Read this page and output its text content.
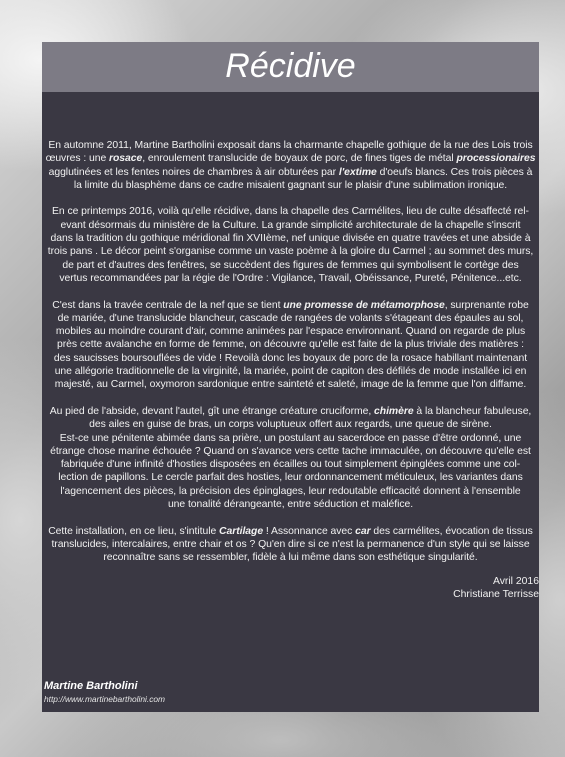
Récidive

En automne 2011, Martine Bartholini exposait dans la charmante chapelle gothique de la rue des Lois trois
œuvres : une rosace, enroulement translucide de boyaux de porc, de fines tiges de métal processionaires
agglutinées et les fentes noires de chambres à air obturées par l'extime d'oeufs blancs. Ces trois pièces à
la limite du blasphème dans ce cadre misaient gagnant sur le plaisir d'une sublimation ironique.

En ce printemps 2016, voilà qu'elle récidive, dans la chapelle des Carmélites, lieu de culte désaffecté rel-
evant désormais du ministère de la Culture. La grande simplicité architecturale de la chapelle s'inscrit
dans la tradition du gothique méridional fin XVIIème, nef unique divisée en quatre travées et une abside à
trois pans . Le décor peint s'organise comme un vaste poème à la gloire du Carmel ; au sommet des murs,
de part et d'autres des fenêtres, se succèdent des figures de femmes qui symbolisent le cortège des
vertus recommandées par la régie de l'Ordre : Vigilance, Travail, Obéissance, Pureté, Pénitence...etc.

C'est dans la travée centrale de la nef que se tient une promesse de métamorphose, surprenante robe
de mariée, d'une translucide blancheur, cascade de rangées de volants s'étageant des épaules au sol,
mobiles au moindre courant d'air, comme animées par l'espace environnant. Quand on regarde de plus
près cette avalanche en forme de femme, on découvre qu'elle est faite de la plus triviale des matières :
des saucisses boursouflées de vide ! Revoilà donc les boyaux de porc de la rosace habillant maintenant
une allégorie traditionnelle de la virginité, la mariée, point de capiton des défilés de mode installée ici en
majesté, au Carmel, oxymoron sardonique entre sainteté et saleté, image de la femme que l'on diffame.

Au pied de l'abside, devant l'autel, gît une étrange créature cruciforme, chimère à la blancheur fabuleuse,
des ailes en guise de bras, un corps voluptueux offert aux regards, une queue de sirène.
Est-ce une pénitente abimée dans sa prière, un postulant au sacerdoce en passe d'être ordonné, une
étrange chose marine échouée ? Quand on s'avance vers cette tache immaculée, on découvre qu'elle est
fabriquée d'une infinité d'hosties disposées en écailles ou tout simplement épinglées comme une col-
lection de papillons. Le cercle parfait des hosties, leur ordonnancement méticuleux, les variantes dans
l'agencement des pièces, la précision des épinglages, leur redoutable efficacité donnent à l'ensemble
une tonalité dérangeante, entre séduction et maléfice.

Cette installation, en ce lieu, s'intitule Cartilage ! Assonnance avec car des carmélites, évocation de tissus
translucides, intercalaires, entre chair et os ? Qu'en dire si ce n'est la permanence d'un style qui se laisse
reconnaître sans se ressembler, fidèle à lui même dans son esthétique singularité.

Avril 2016
Christiane Terrisse
Martine Bartholini
http://www.martinebartholini.com
